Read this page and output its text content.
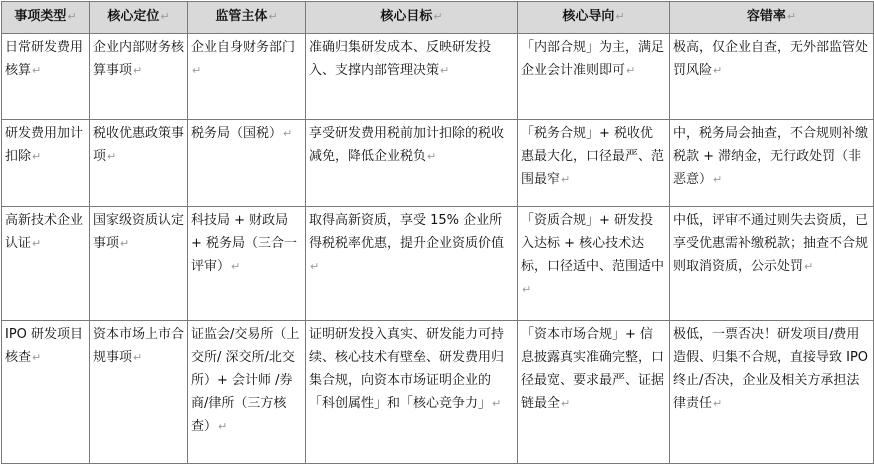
事项类型↵	核心定位↵	监管主体↵	核心目标↵	核心导向↵	容错率↵
日常研发费用核算↵	企业内部财务核算事项↵	企业自身财务部门↵	准确归集研发成本、反映研发投入、支撑内部管理决策↵	「内部合规」为主，满足企业会计准则即可↵	极高，仅企业自查，无外部监管处罚风险↵
研发费用加计扣除↵	税收优惠政策事项↵	税务局（国税）↵	享受研发费用税前加计扣除的税收减免，降低企业税负↵	「税务合规」+ 税收优惠最大化，口径最严、范围最窄↵	中，税务局会抽查，不合规则补缴税款 + 滞纳金，无行政处罚（非恶意）↵
高新技术企业认证↵	国家级资质认定事项↵	科技局 + 财政局 + 税务局（三合一评审）↵	取得高新资质，享受 15% 企业所得税税率优惠，提升企业资质价值↵	「资质合规」+ 研发投入达标 + 核心技术达标，口径适中、范围适中↵	中低，评审不通过则失去资质，已享受优惠需补缴税款；抽查不合规则取消资质，公示处罚↵
IPO 研发项目核查↵	资本市场上市合规事项↵	证监会/交易所（上交所/ 深交所/北交所）+ 会计师 /券商/律所（三方核查）↵	证明研发投入真实、研发能力可持续、核心技术有壁垒、研发费用归集合规，向资本市场证明企业的「科创属性」和「核心竞争力」↵	「资本市场合规」+ 信息披露真实准确完整，口径最宽、要求最严、证据链最全↵	极低，一票否决！研发项目/费用造假、归集不合规，直接导致 IPO 终止/否决，企业及相关方承担法律责任↵
